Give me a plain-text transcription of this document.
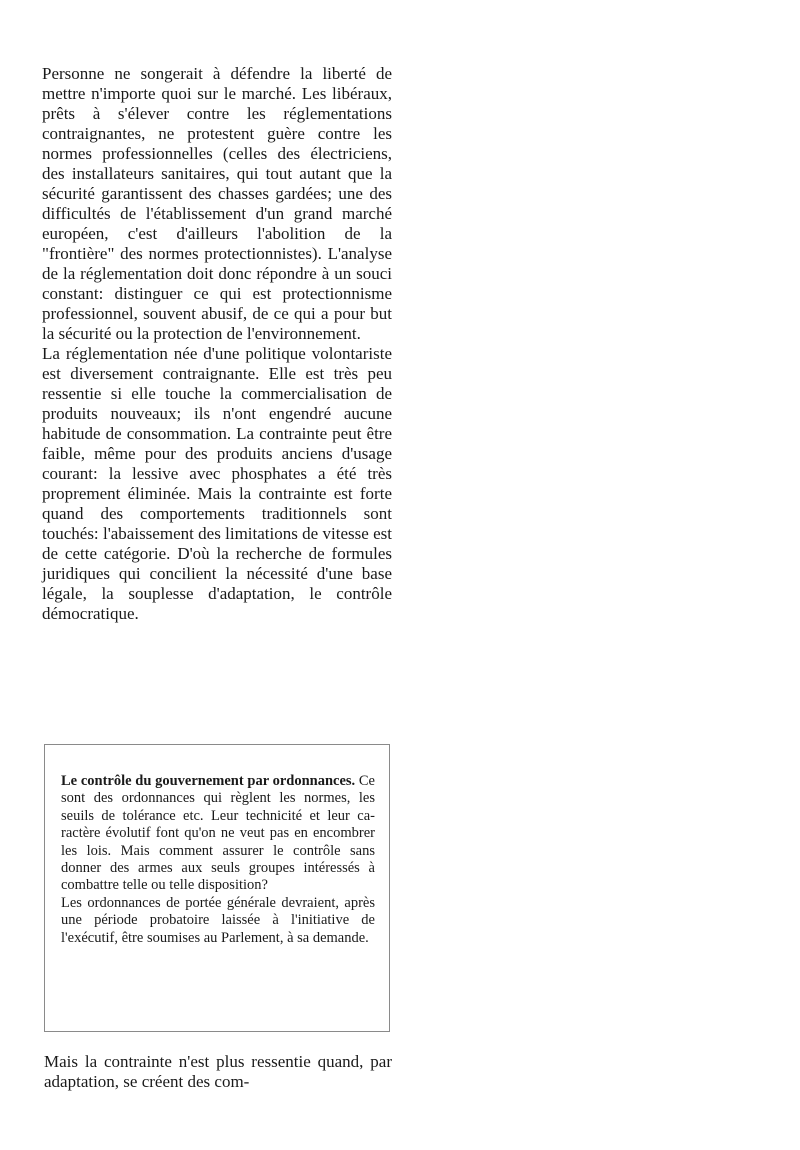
Personne ne songerait à défendre la liberté de mettre n'importe quoi sur le marché. Les libéraux, prêts à s'élever contre les réglementations contraignantes, ne protestent guère contre les normes professionnelles (celles des électriciens, des installateurs sanitaires, qui tout autant que la sécurité garantissent des chasses gardées; une des difficultés de l'établissement d'un grand marché européen, c'est d'ailleurs l'abolition de la "frontière" des normes protectionnistes). L'analyse de la réglementation doit donc répondre à un souci constant: distinguer ce qui est protectionnisme professionnel, souvent abusif, de ce qui a pour but la sécurité ou la protection de l'environnement.

La réglementation née d'une politique volontariste est diversement contraignante. Elle est très peu ressentie si elle touche la commercialisation de produits nouveaux; ils n'ont engendré aucune habitude de consommation. La contrainte peut être faible, même pour des produits anciens d'usage courant: la lessive avec phosphates a été très proprement éliminée. Mais la contrainte est forte quand des comportements traditionnels sont touchés: l'abaissement des limitations de vitesse est de cette catégorie. D'où la recherche de formules juridiques qui concilient la nécessité d'une base légale, la souplesse d'adaptation, le contrôle démocratique.

Le contrôle du gouvernement par ordonnances. Ce sont des ordonnances qui règlent les normes, les seuils de tolérance etc. Leur technicité et leur caractère évolutif font qu'on ne veut pas en encombrer les lois. Mais comment assurer le contrôle sans donner des armes aux seuls groupes intéressés à combattre telle ou telle disposition?

Les ordonnances de portée générale devraient, après une période probatoire laissée à l'initiative de l'exécutif, être soumises au Parlement, à sa demande.

Mais la contrainte n'est plus ressentie quand, par adaptation, se créent des com-
